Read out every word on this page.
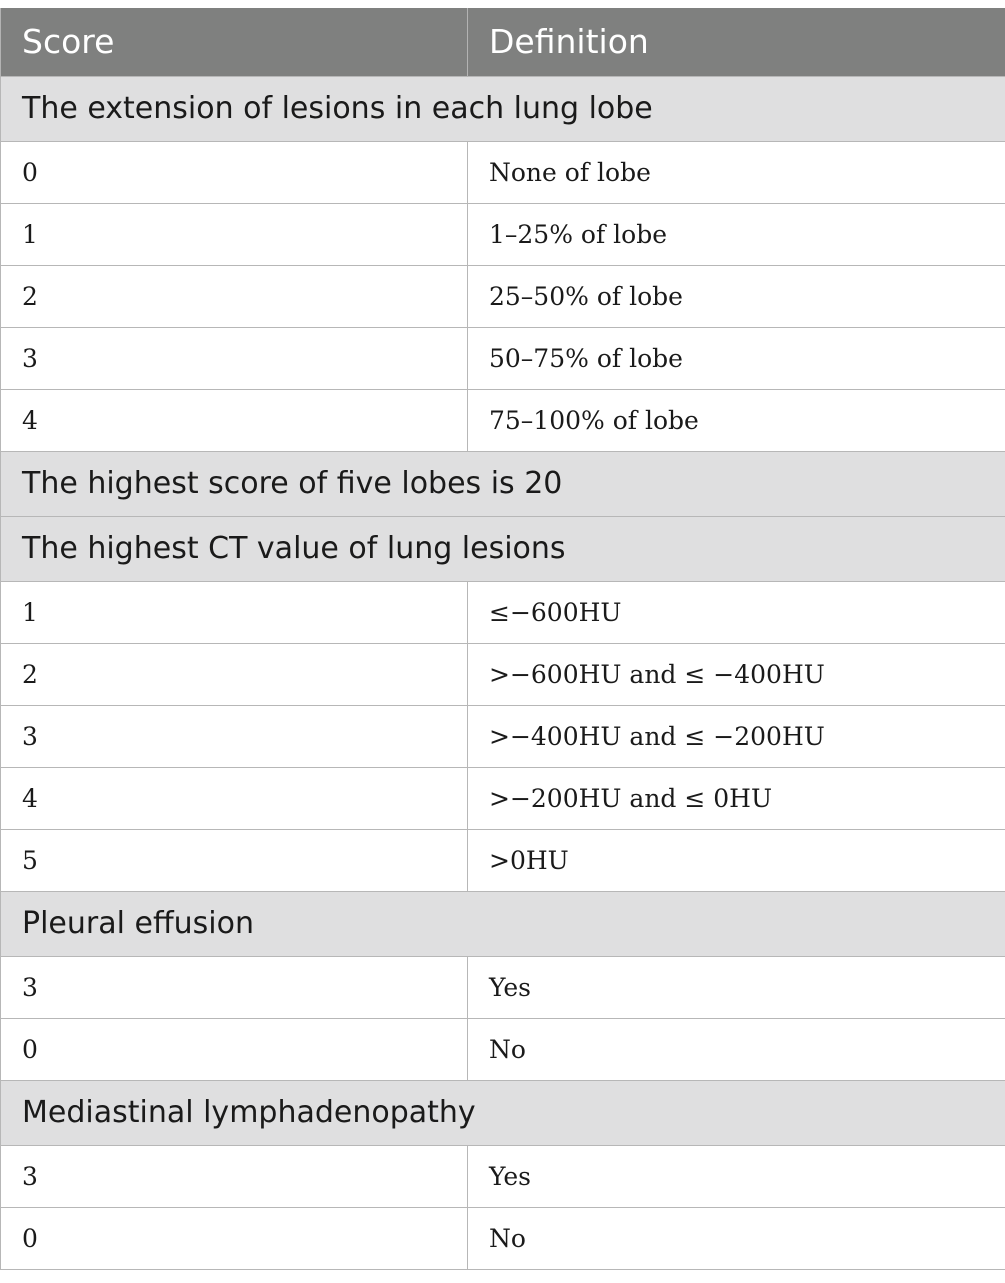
Score	Definition
The extension of lesions in each lung lobe	
0	None of lobe
1	1–25% of lobe
2	25–50% of lobe
3	50–75% of lobe
4	75–100% of lobe
The highest score of five lobes is 20	
The highest CT value of lung lesions	
1	≤−600HU
2	>−600HU and ≤ −400HU
3	>−400HU and ≤ −200HU
4	>−200HU and ≤ 0HU
5	>0HU
Pleural effusion	
3	Yes
0	No
Mediastinal lymphadenopathy	
3	Yes
0	No
